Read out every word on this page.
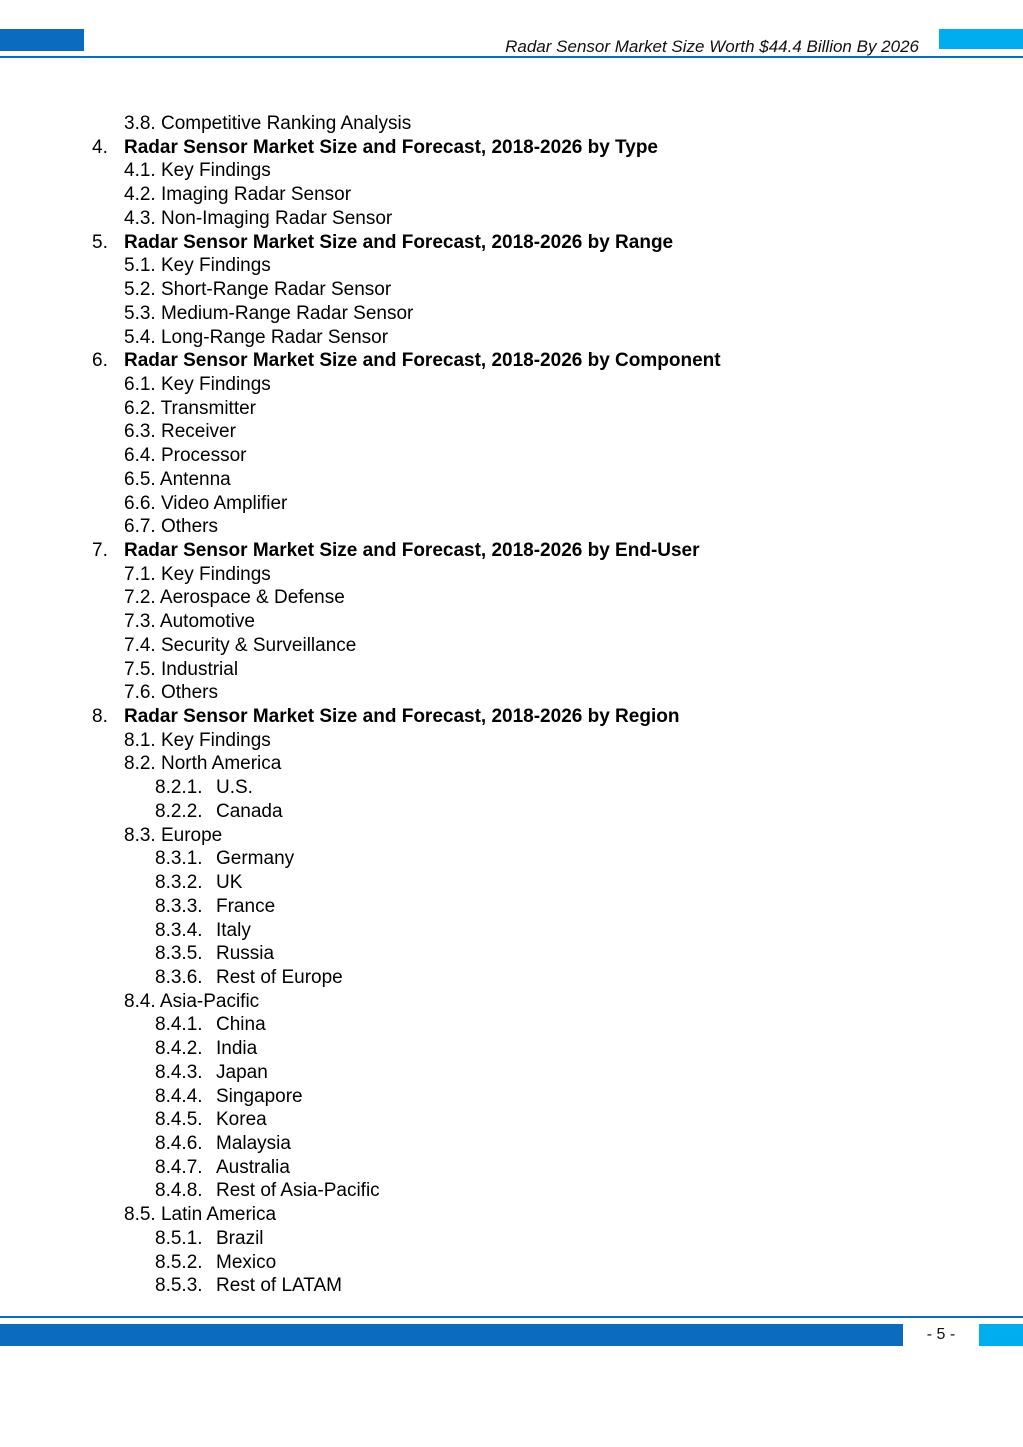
Radar Sensor Market Size Worth $44.4 Billion By 2026
3.8. Competitive Ranking Analysis
4. Radar Sensor Market Size and Forecast, 2018-2026 by Type
4.1. Key Findings
4.2. Imaging Radar Sensor
4.3. Non-Imaging Radar Sensor
5. Radar Sensor Market Size and Forecast, 2018-2026 by Range
5.1. Key Findings
5.2. Short-Range Radar Sensor
5.3. Medium-Range Radar Sensor
5.4. Long-Range Radar Sensor
6. Radar Sensor Market Size and Forecast, 2018-2026 by Component
6.1. Key Findings
6.2. Transmitter
6.3. Receiver
6.4. Processor
6.5. Antenna
6.6. Video Amplifier
6.7. Others
7. Radar Sensor Market Size and Forecast, 2018-2026 by End-User
7.1. Key Findings
7.2. Aerospace & Defense
7.3. Automotive
7.4. Security & Surveillance
7.5. Industrial
7.6. Others
8. Radar Sensor Market Size and Forecast, 2018-2026 by Region
8.1. Key Findings
8.2. North America
8.2.1. U.S.
8.2.2. Canada
8.3. Europe
8.3.1. Germany
8.3.2. UK
8.3.3. France
8.3.4. Italy
8.3.5. Russia
8.3.6. Rest of Europe
8.4. Asia-Pacific
8.4.1. China
8.4.2. India
8.4.3. Japan
8.4.4. Singapore
8.4.5. Korea
8.4.6. Malaysia
8.4.7. Australia
8.4.8. Rest of Asia-Pacific
8.5. Latin America
8.5.1. Brazil
8.5.2. Mexico
8.5.3. Rest of LATAM
- 5 -
